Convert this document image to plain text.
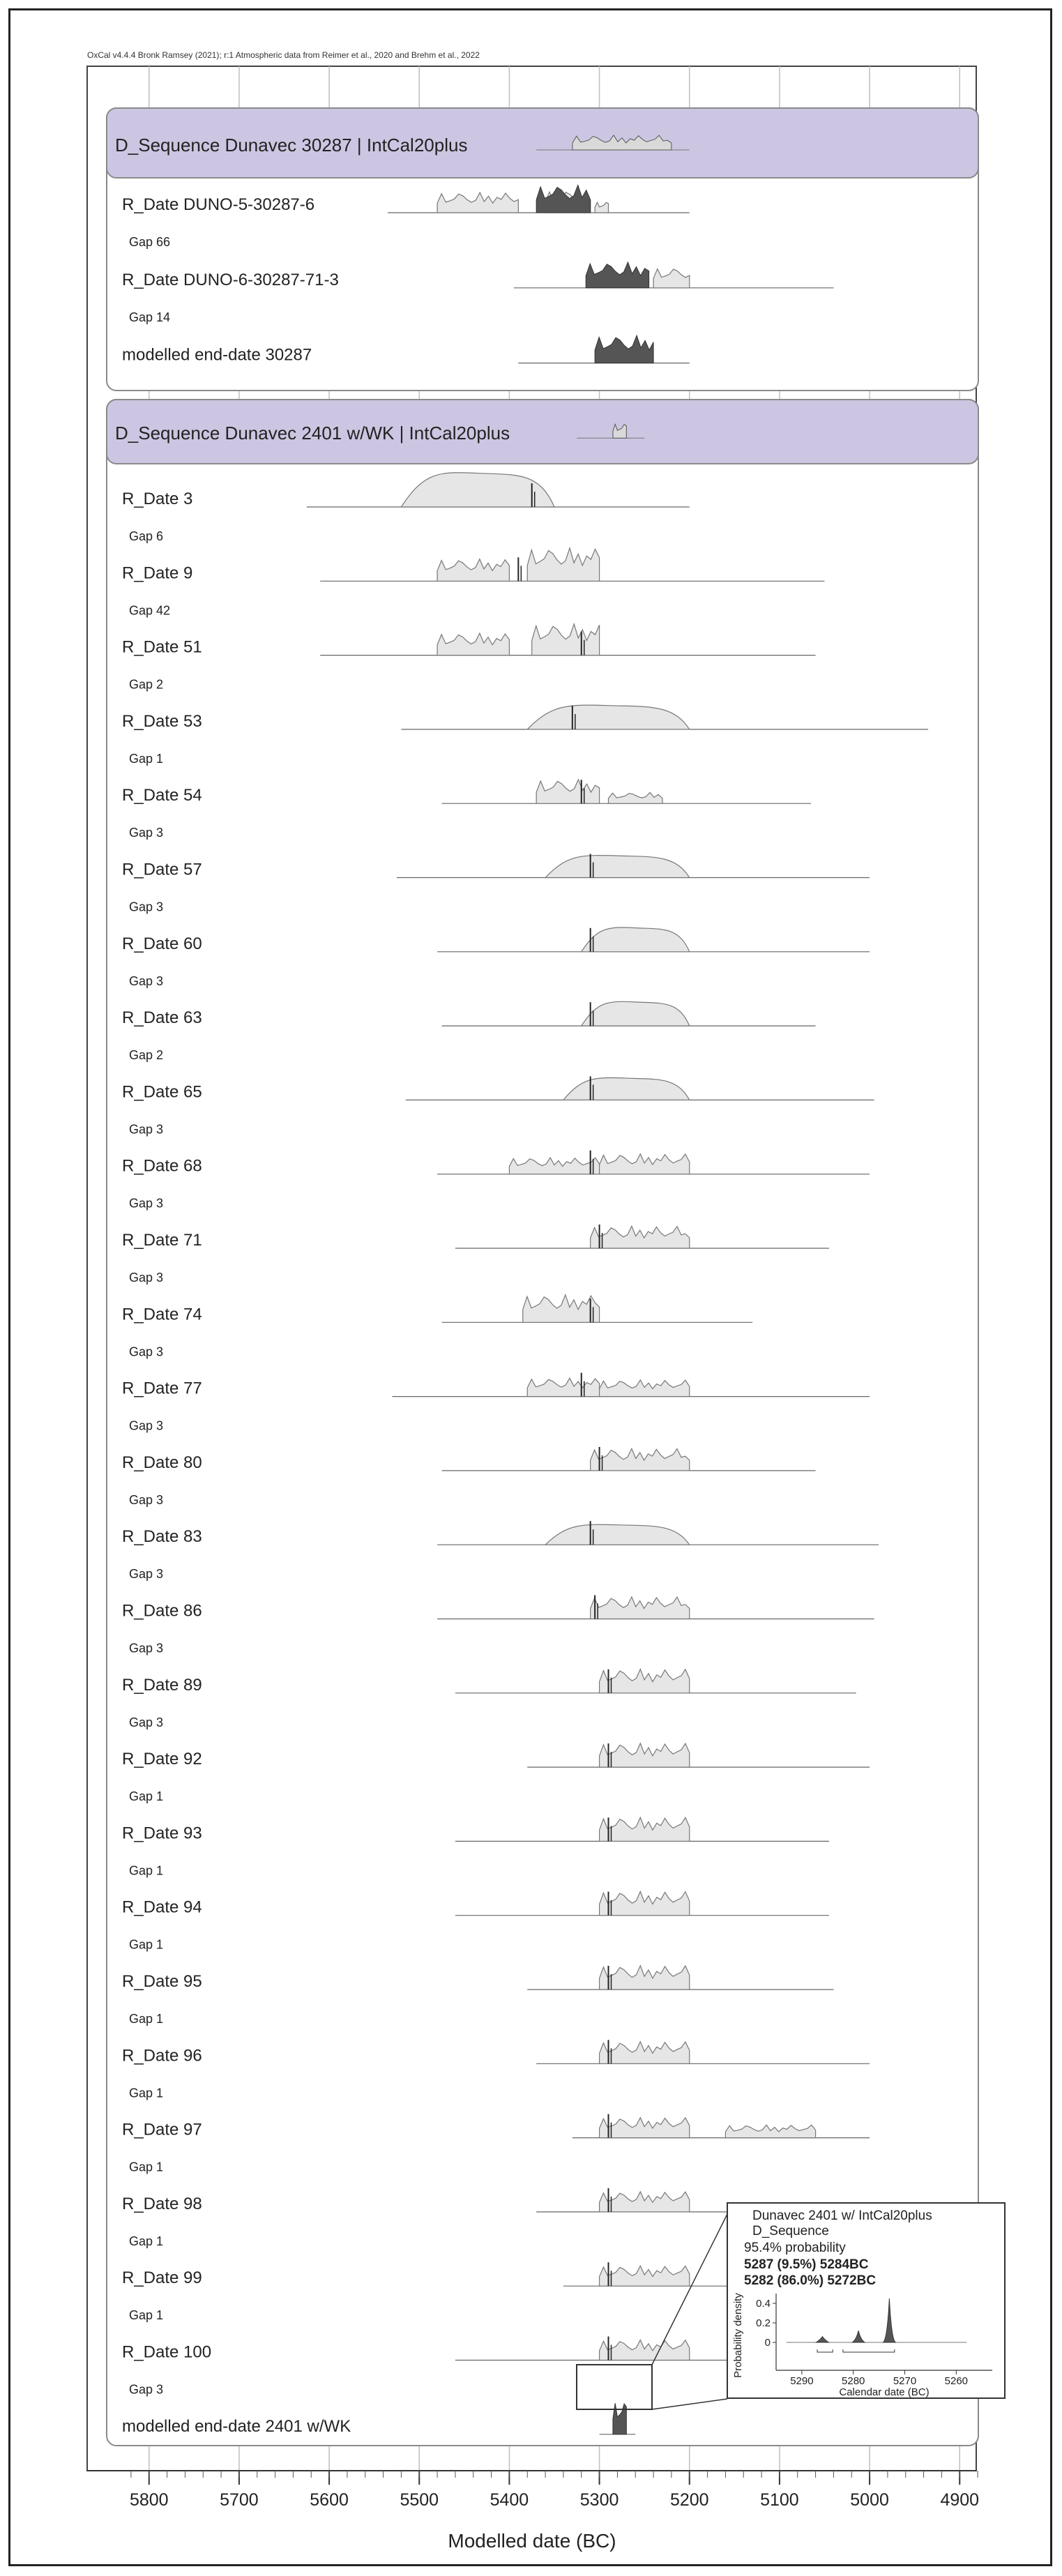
OxCal v4.4.4 Bronk Ramsey (2021); r:1 Atmospheric data from Reimer et al., 2020 and Brehm et al., 2022
D_Sequence Dunavec 30287 | IntCal20plus
D_Sequence Dunavec 2401 w/WK | IntCal20plus
R_Date DUNO-5-30287-6
Gap 66
R_Date DUNO-6-30287-71-3
Gap 14
modelled end-date 30287
R_Date 3
Gap 6
R_Date 9
Gap 42
R_Date 51
Gap 2
R_Date 53
Gap 1
R_Date 54
Gap 3
R_Date 57
Gap 3
R_Date 60
Gap 3
R_Date 63
Gap 2
R_Date 65
Gap 3
R_Date 68
Gap 3
R_Date 71
Gap 3
R_Date 74
Gap 3
R_Date 77
Gap 3
R_Date 80
Gap 3
R_Date 83
Gap 3
R_Date 86
Gap 3
R_Date 89
Gap 3
R_Date 92
Gap 1
R_Date 93
Gap 1
R_Date 94
Gap 1
R_Date 95
Gap 1
R_Date 96
Gap 1
R_Date 97
Gap 1
R_Date 98
Gap 1
R_Date 99
Gap 1
R_Date 100
Gap 3
modelled end-date 2401 w/WK
5800	5700	5600	5500	5400	5300	5200	5100	5000	4900
Modelled date (BC)
Dunavec 2401 w/ IntCal20plus
D_Sequence
95.4% probability
5287 (9.5%) 5284BC
5282 (86.0%) 5272BC
5290	5280	5270	5260
0.4
0.2
0
Probability density
Calendar date (BC)
